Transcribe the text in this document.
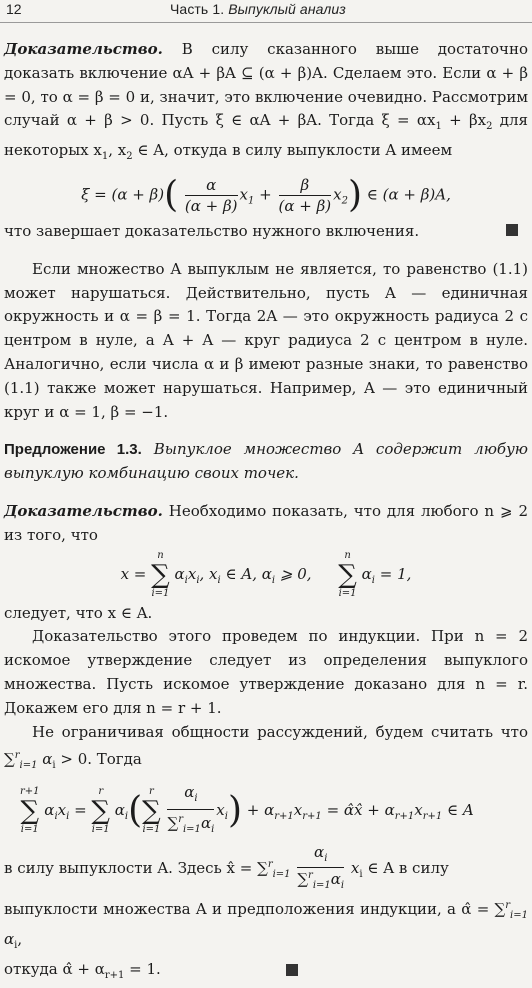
12	Часть 1. Выпуклый анализ

Доказательство. В силу сказанного выше достаточно доказать включение αA + βA ⊆ (α + β)A. Сделаем это. Если α + β = 0, то α = β = 0 и, значит, это включение очевидно. Рассмотрим случай α + β > 0. Пусть ξ ∈ αA + βA. Тогда $\xi = \alpha x_1 + \beta x_2$ для некоторых $x_1$, $x_2$ ∈ A, откуда в силу выпуклости A имеем

$\xi = (\alpha + \beta)( \frac{\alpha}{(\alpha + \beta)} x_1 + \frac{\beta}{(\alpha + \beta)} x_2)$ ∈ (α + β)A,

что завершает доказательство нужного включения.

Если множество A выпуклым не является, то равенство (1.1) может нарушаться. Действительно, пусть A — единичная окружность и α = β = 1. Тогда 2A — это окружность радиуса 2 с центром в нуле, а A + A — круг радиуса 2 с центром в нуле. Аналогично, если числа α и β имеют разные знаки, то равенство (1.1) также может нарушаться. Например, A — это единичный круг и α = 1, β = −1.

Предложение 1.3. Выпуклое множество A содержит любую выпуклую комбинацию своих точек.

Доказательство. Необходимо показать, что для любого n ⩾ 2 из того, что

x =
n
∑
i=1
$\alpha_ix_i$, $x_i$ ∈ A, $\alpha_i$ ⩾ 0,
n
∑
i=1
$\alpha_i = 1$,

следует, что x ∈ A.

Доказательство этого проведем по индукции. При n = 2 искомое утверждение следует из определения выпуклого множества. Пусть искомое утверждение доказано для n = r. Докажем его для n = r + 1.

Не ограничивая общности рассуждений, будем считать что ∑$^r_{i=1}$ $\alpha_i > 0$. Тогда

r+1
∑
i=1
$\alpha_ix_i$ =
r
∑
i=1
$\alpha_i$( r
∑
i=1
$\frac{\alpha_i}{\sum^r_{i=1}\alpha_i} x_i) + \alpha_{r+1}x_{r+1}$ = α̂x̂ + $\alpha_{r+1}x_{r+1}$ ∈ A

в силу выпуклости A. Здесь x̂ = $\sum^r_{i=1} \frac{\alpha_i}{\sum^r_{i=1}\alpha_i} x_i$ ∈ A в силу

выпуклости множества A и предположения индукции, а α̂ = ∑$^r_{i=1}$ $\alpha_i$,

откуда α̂ + $\alpha_{r+1} = 1$.
